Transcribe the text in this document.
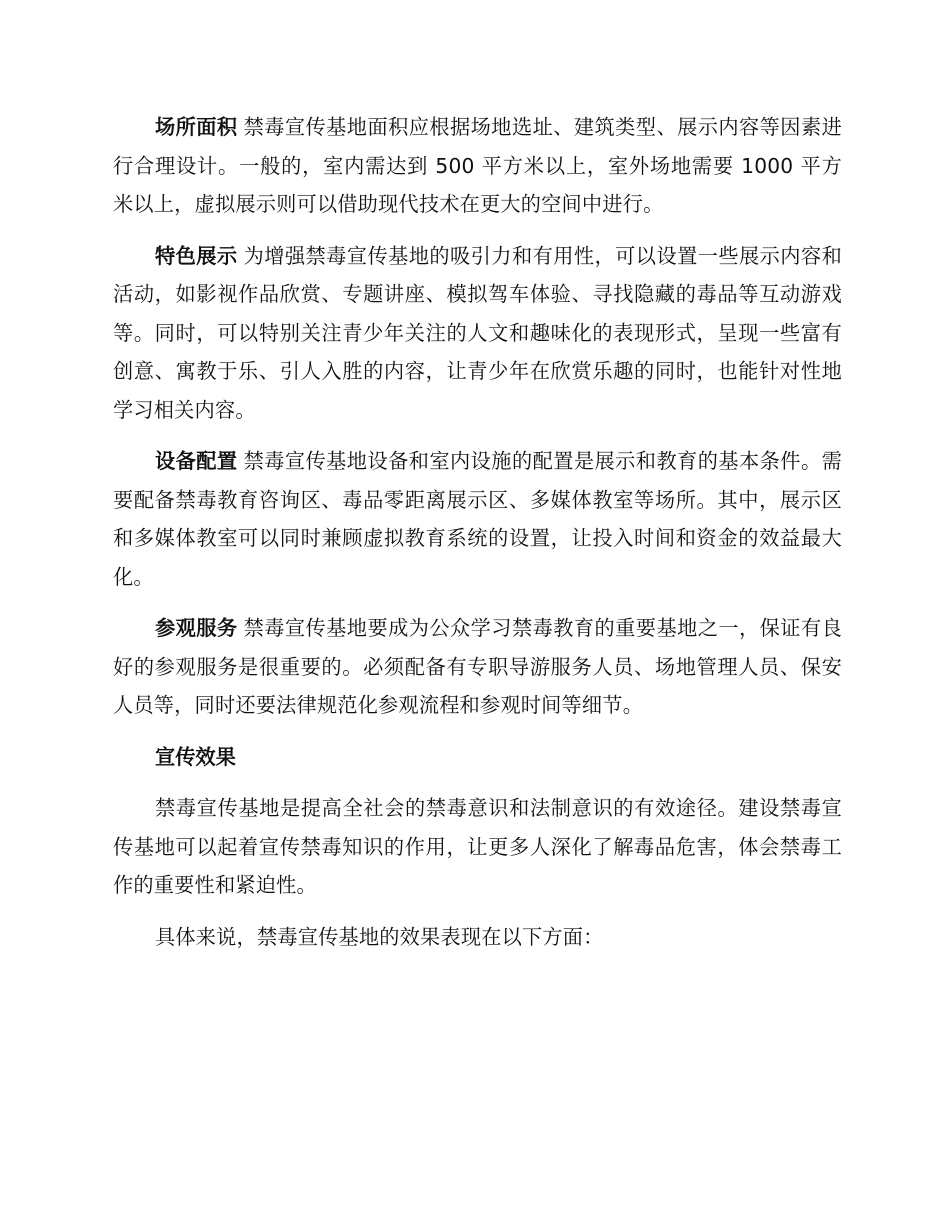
场所面积 禁毒宣传基地面积应根据场地选址、建筑类型、展示内容等因素进行合理设计。一般的，室内需达到 500 平方米以上，室外场地需要 1000 平方米以上，虚拟展示则可以借助现代技术在更大的空间中进行。

特色展示 为增强禁毒宣传基地的吸引力和有用性，可以设置一些展示内容和活动，如影视作品欣赏、专题讲座、模拟驾车体验、寻找隐藏的毒品等互动游戏等。同时，可以特别关注青少年关注的人文和趣味化的表现形式，呈现一些富有创意、寓教于乐、引人入胜的内容，让青少年在欣赏乐趣的同时，也能针对性地学习相关内容。

设备配置 禁毒宣传基地设备和室内设施的配置是展示和教育的基本条件。需要配备禁毒教育咨询区、毒品零距离展示区、多媒体教室等场所。其中，展示区和多媒体教室可以同时兼顾虚拟教育系统的设置，让投入时间和资金的效益最大化。

参观服务 禁毒宣传基地要成为公众学习禁毒教育的重要基地之一，保证有良好的参观服务是很重要的。必须配备有专职导游服务人员、场地管理人员、保安人员等，同时还要法律规范化参观流程和参观时间等细节。

宣传效果

禁毒宣传基地是提高全社会的禁毒意识和法制意识的有效途径。建设禁毒宣传基地可以起着宣传禁毒知识的作用，让更多人深化了解毒品危害，体会禁毒工作的重要性和紧迫性。

具体来说，禁毒宣传基地的效果表现在以下方面：
